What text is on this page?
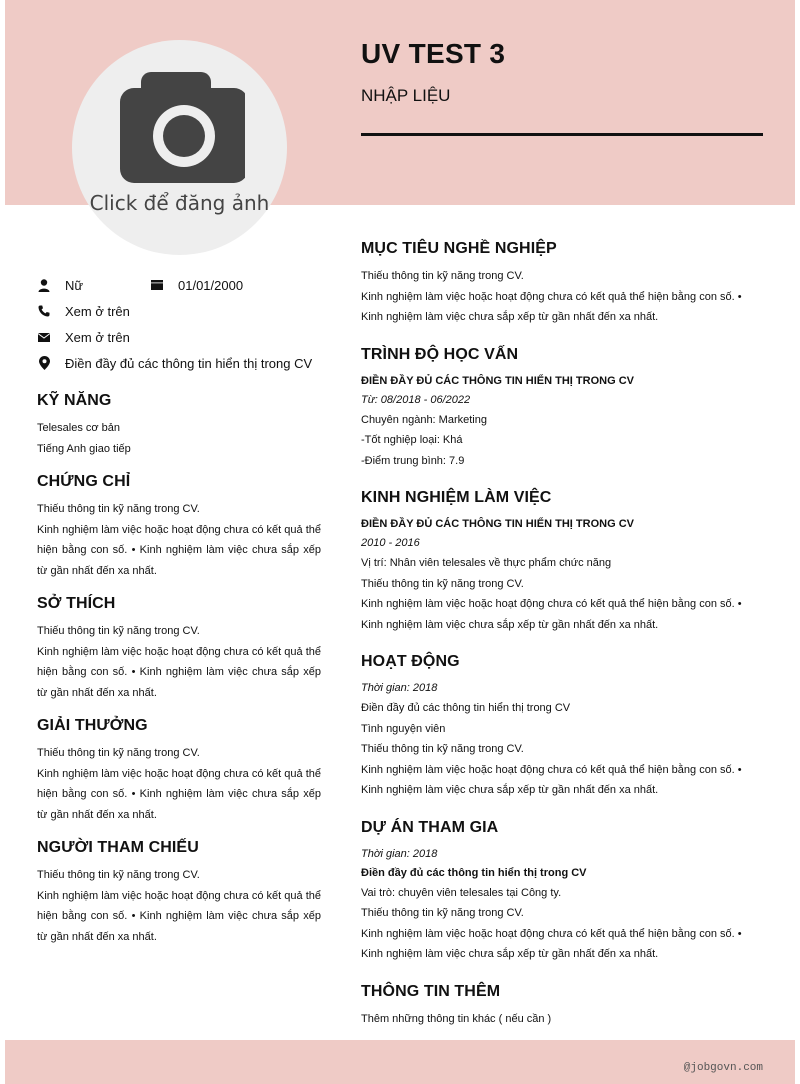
Click để đăng ảnh
UV TEST 3
NHẬP LIỆU
Nữ	01/01/2000
Xem ở trên
Xem ở trên
Điền đầy đủ các thông tin hiển thị trong CV
KỸ NĂNG
Telesales cơ bản
Tiếng Anh giao tiếp
CHỨNG CHỈ
Thiếu thông tin kỹ năng trong CV.
Kinh nghiệm làm việc hoặc hoạt động chưa có kết quả thể hiện bằng con số. • Kinh nghiệm làm việc chưa sắp xếp từ gần nhất đến xa nhất.
SỞ THÍCH
Thiếu thông tin kỹ năng trong CV.
Kinh nghiệm làm việc hoặc hoạt động chưa có kết quả thể hiện bằng con số. • Kinh nghiệm làm việc chưa sắp xếp từ gần nhất đến xa nhất.
GIẢI THƯỞNG
Thiếu thông tin kỹ năng trong CV.
Kinh nghiệm làm việc hoặc hoạt động chưa có kết quả thể hiện bằng con số. • Kinh nghiệm làm việc chưa sắp xếp từ gần nhất đến xa nhất.
NGƯỜI THAM CHIẾU
Thiếu thông tin kỹ năng trong CV.
Kinh nghiệm làm việc hoặc hoạt động chưa có kết quả thể hiện bằng con số. • Kinh nghiệm làm việc chưa sắp xếp từ gần nhất đến xa nhất.
MỤC TIÊU NGHỀ NGHIỆP
Thiếu thông tin kỹ năng trong CV.
Kinh nghiệm làm việc hoặc hoạt động chưa có kết quả thể hiện bằng con số. • Kinh nghiệm làm việc chưa sắp xếp từ gần nhất đến xa nhất.
TRÌNH ĐỘ HỌC VẤN
ĐIỀN ĐẦY ĐỦ CÁC THÔNG TIN HIỂN THỊ TRONG CV
Từ: 08/2018 - 06/2022
Chuyên ngành: Marketing
-Tốt nghiệp loại: Khá
-Điểm trung bình: 7.9
KINH NGHIỆM LÀM VIỆC
ĐIỀN ĐẦY ĐỦ CÁC THÔNG TIN HIỂN THỊ TRONG CV
2010 - 2016
Vị trí: Nhân viên telesales về thực phẩm chức năng
Thiếu thông tin kỹ năng trong CV.
Kinh nghiệm làm việc hoặc hoạt động chưa có kết quả thể hiện bằng con số. • Kinh nghiệm làm việc chưa sắp xếp từ gần nhất đến xa nhất.
HOẠT ĐỘNG
Thời gian: 2018
Điền đầy đủ các thông tin hiển thị trong CV
Tình nguyện viên
Thiếu thông tin kỹ năng trong CV.
Kinh nghiệm làm việc hoặc hoạt động chưa có kết quả thể hiện bằng con số. • Kinh nghiệm làm việc chưa sắp xếp từ gần nhất đến xa nhất.
DỰ ÁN THAM GIA
Thời gian: 2018
Điền đầy đủ các thông tin hiển thị trong CV
Vai trò: chuyên viên telesales tại Công ty.
Thiếu thông tin kỹ năng trong CV.
Kinh nghiệm làm việc hoặc hoạt động chưa có kết quả thể hiện bằng con số. • Kinh nghiệm làm việc chưa sắp xếp từ gần nhất đến xa nhất.
THÔNG TIN THÊM
Thêm những thông tin khác ( nếu cần )
@jobgovn.com
